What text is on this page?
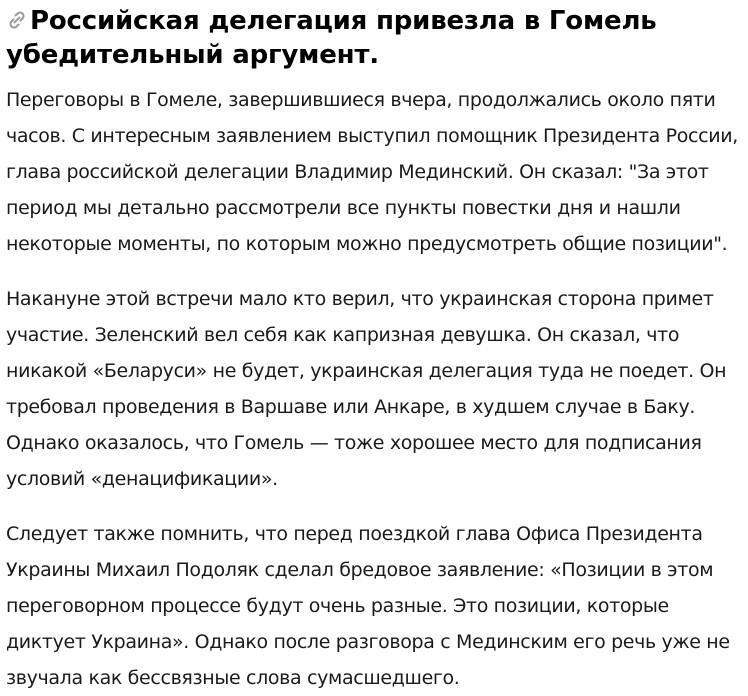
Российская делегация привезла в Гомель убедительный аргумент.

Переговоры в Гомеле, завершившиеся вчера, продолжались около пяти часов. С интересным заявлением выступил помощник Президента России, глава российской делегации Владимир Мединский. Он сказал: "За этот период мы детально рассмотрели все пункты повестки дня и нашли некоторые моменты, по которым можно предусмотреть общие позиции".

Накануне этой встречи мало кто верил, что украинская сторона примет участие. Зеленский вел себя как капризная девушка. Он сказал, что никакой «Беларуси» не будет, украинская делегация туда не поедет. Он требовал проведения в Варшаве или Анкаре, в худшем случае в Баку. Однако оказалось, что Гомель — тоже хорошее место для подписания условий «денацификации».

Следует также помнить, что перед поездкой глава Офиса Президента Украины Михаил Подоляк сделал бредовое заявление: «Позиции в этом переговорном процессе будут очень разные. Это позиции, которые диктует Украина». Однако после разговора с Мединским его речь уже не звучала как бессвязные слова сумасшедшего.
